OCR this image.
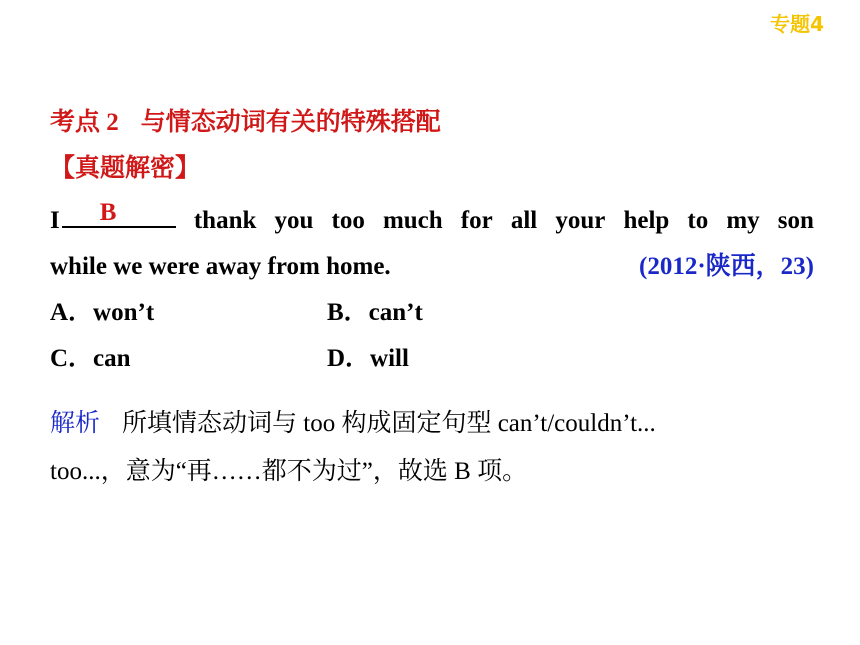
专题4
考点 2 与情态动词有关的特殊搭配
【真题解密】
I B	thank you too much for all your help to my son
while we were away from home.	(2012·陕西，23)
A．won’t	B．can’t
C．can	D．will
解析 所填情态动词与 too 构成固定句型 can’t/couldn’t...
too...，意为“再……都不为过”，故选 B 项。
